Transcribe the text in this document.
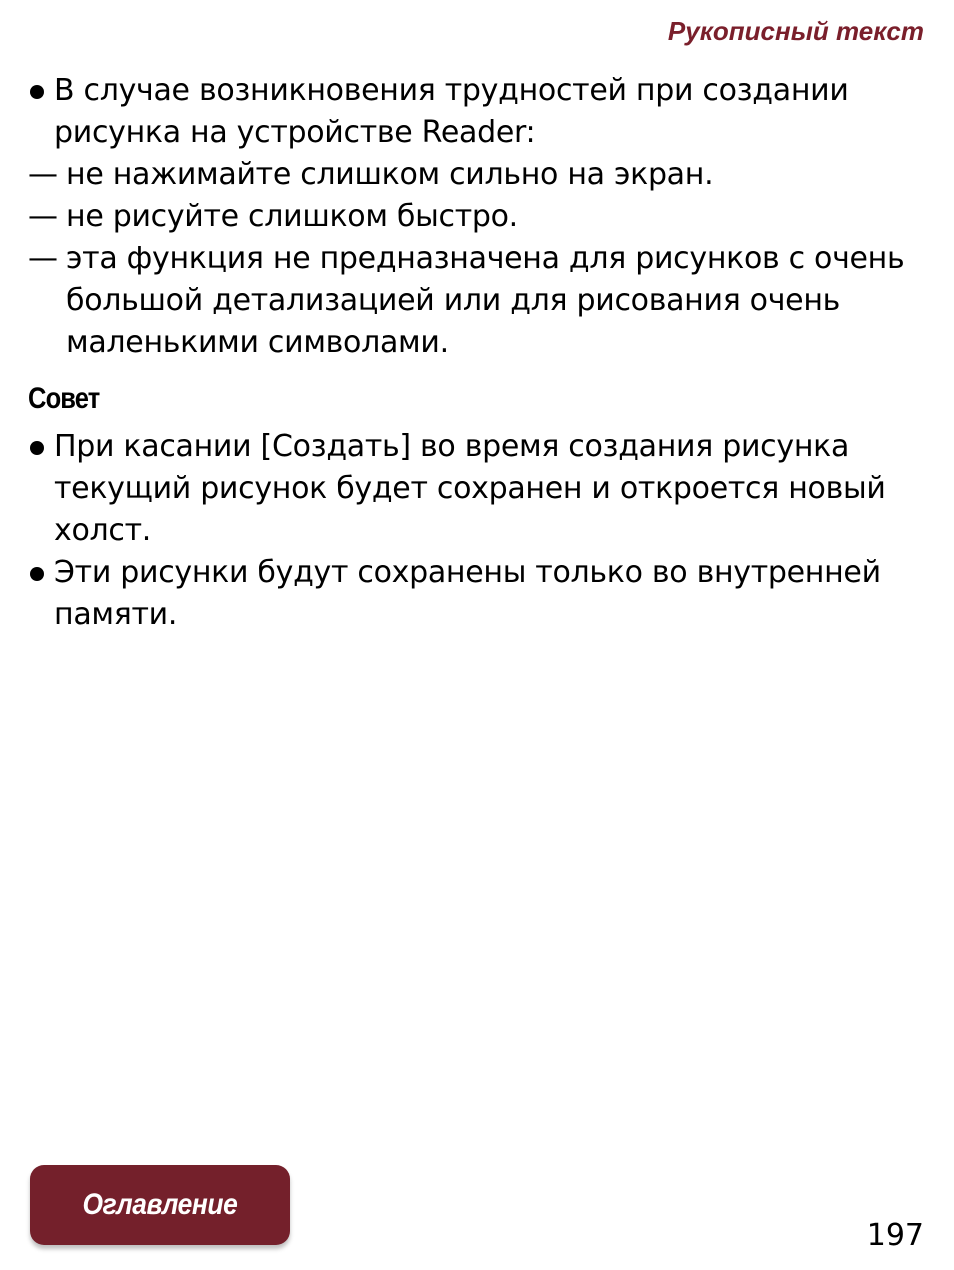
Рукописный текст
В случае возникновения трудностей при создании рисунка на устройстве Reader:
— не нажимайте слишком сильно на экран.
— не рисуйте слишком быстро.
— эта функция не предназначена для рисунков с очень большой детализацией или для рисования очень маленькими символами.
Совет
При касании [Создать] во время создания рисунка текущий рисунок будет сохранен и откроется новый холст.
Эти рисунки будут сохранены только во внутренней памяти.
Оглавление
197
